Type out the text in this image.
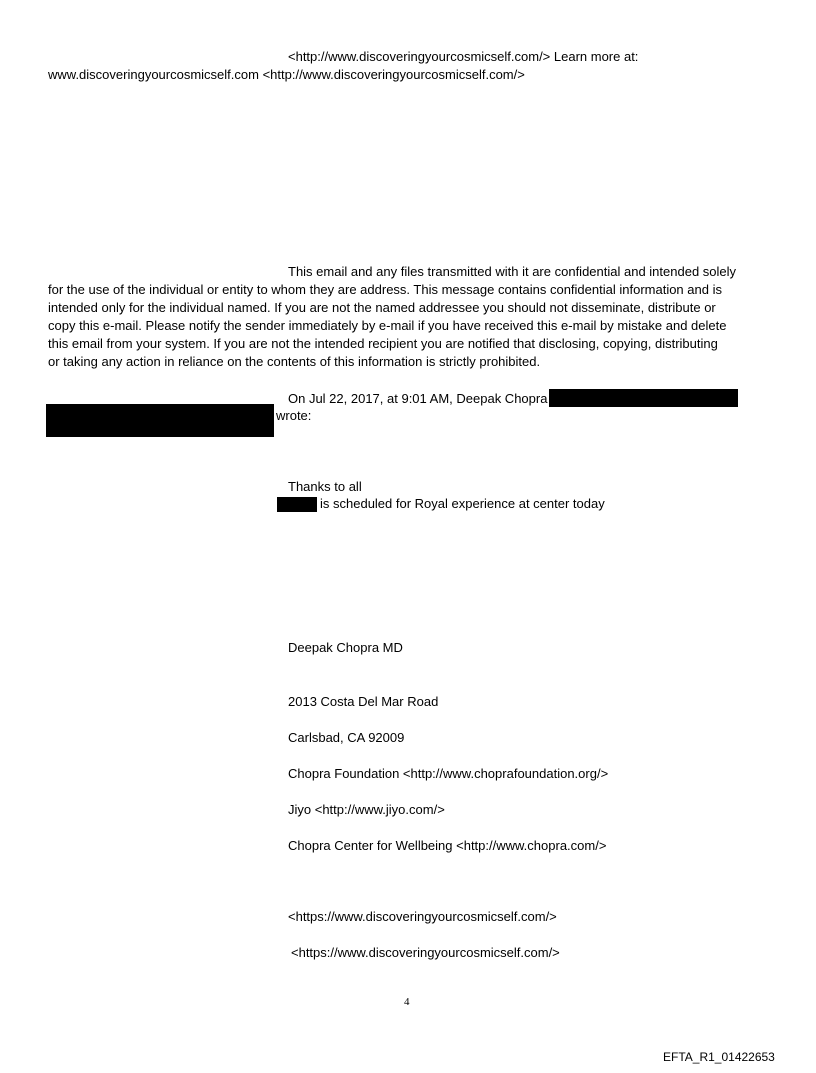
<http://www.discoveringyourcosmicself.com/> Learn more at:
www.discoveringyourcosmicself.com <http://www.discoveringyourcosmicself.com/>
This email and any files transmitted with it are confidential and intended solely
for the use of the individual or entity to whom they are address. This message contains confidential information and is
intended only for the individual named. If you are not the named addressee you should not disseminate, distribute or
copy this e-mail. Please notify the sender immediately by e-mail if you have received this e-mail by mistake and delete
this email from your system. If you are not the intended recipient you are notified that disclosing, copying, distributing
or taking any action in reliance on the contents of this information is strictly prohibited.
On Jul 22, 2017, at 9:01 AM, Deepak Chopra
wrote:
Thanks to all
is scheduled for Royal experience at center today
Deepak Chopra MD
2013 Costa Del Mar Road
Carlsbad, CA 92009
Chopra Foundation <http://www.choprafoundation.org/>
Jiyo <http://www.jiyo.com/>
Chopra Center for Wellbeing <http://www.chopra.com/>
<https://www.discoveringyourcosmicself.com/>
<https://www.discoveringyourcosmicself.com/>
4
EFTA_R1_01422653
